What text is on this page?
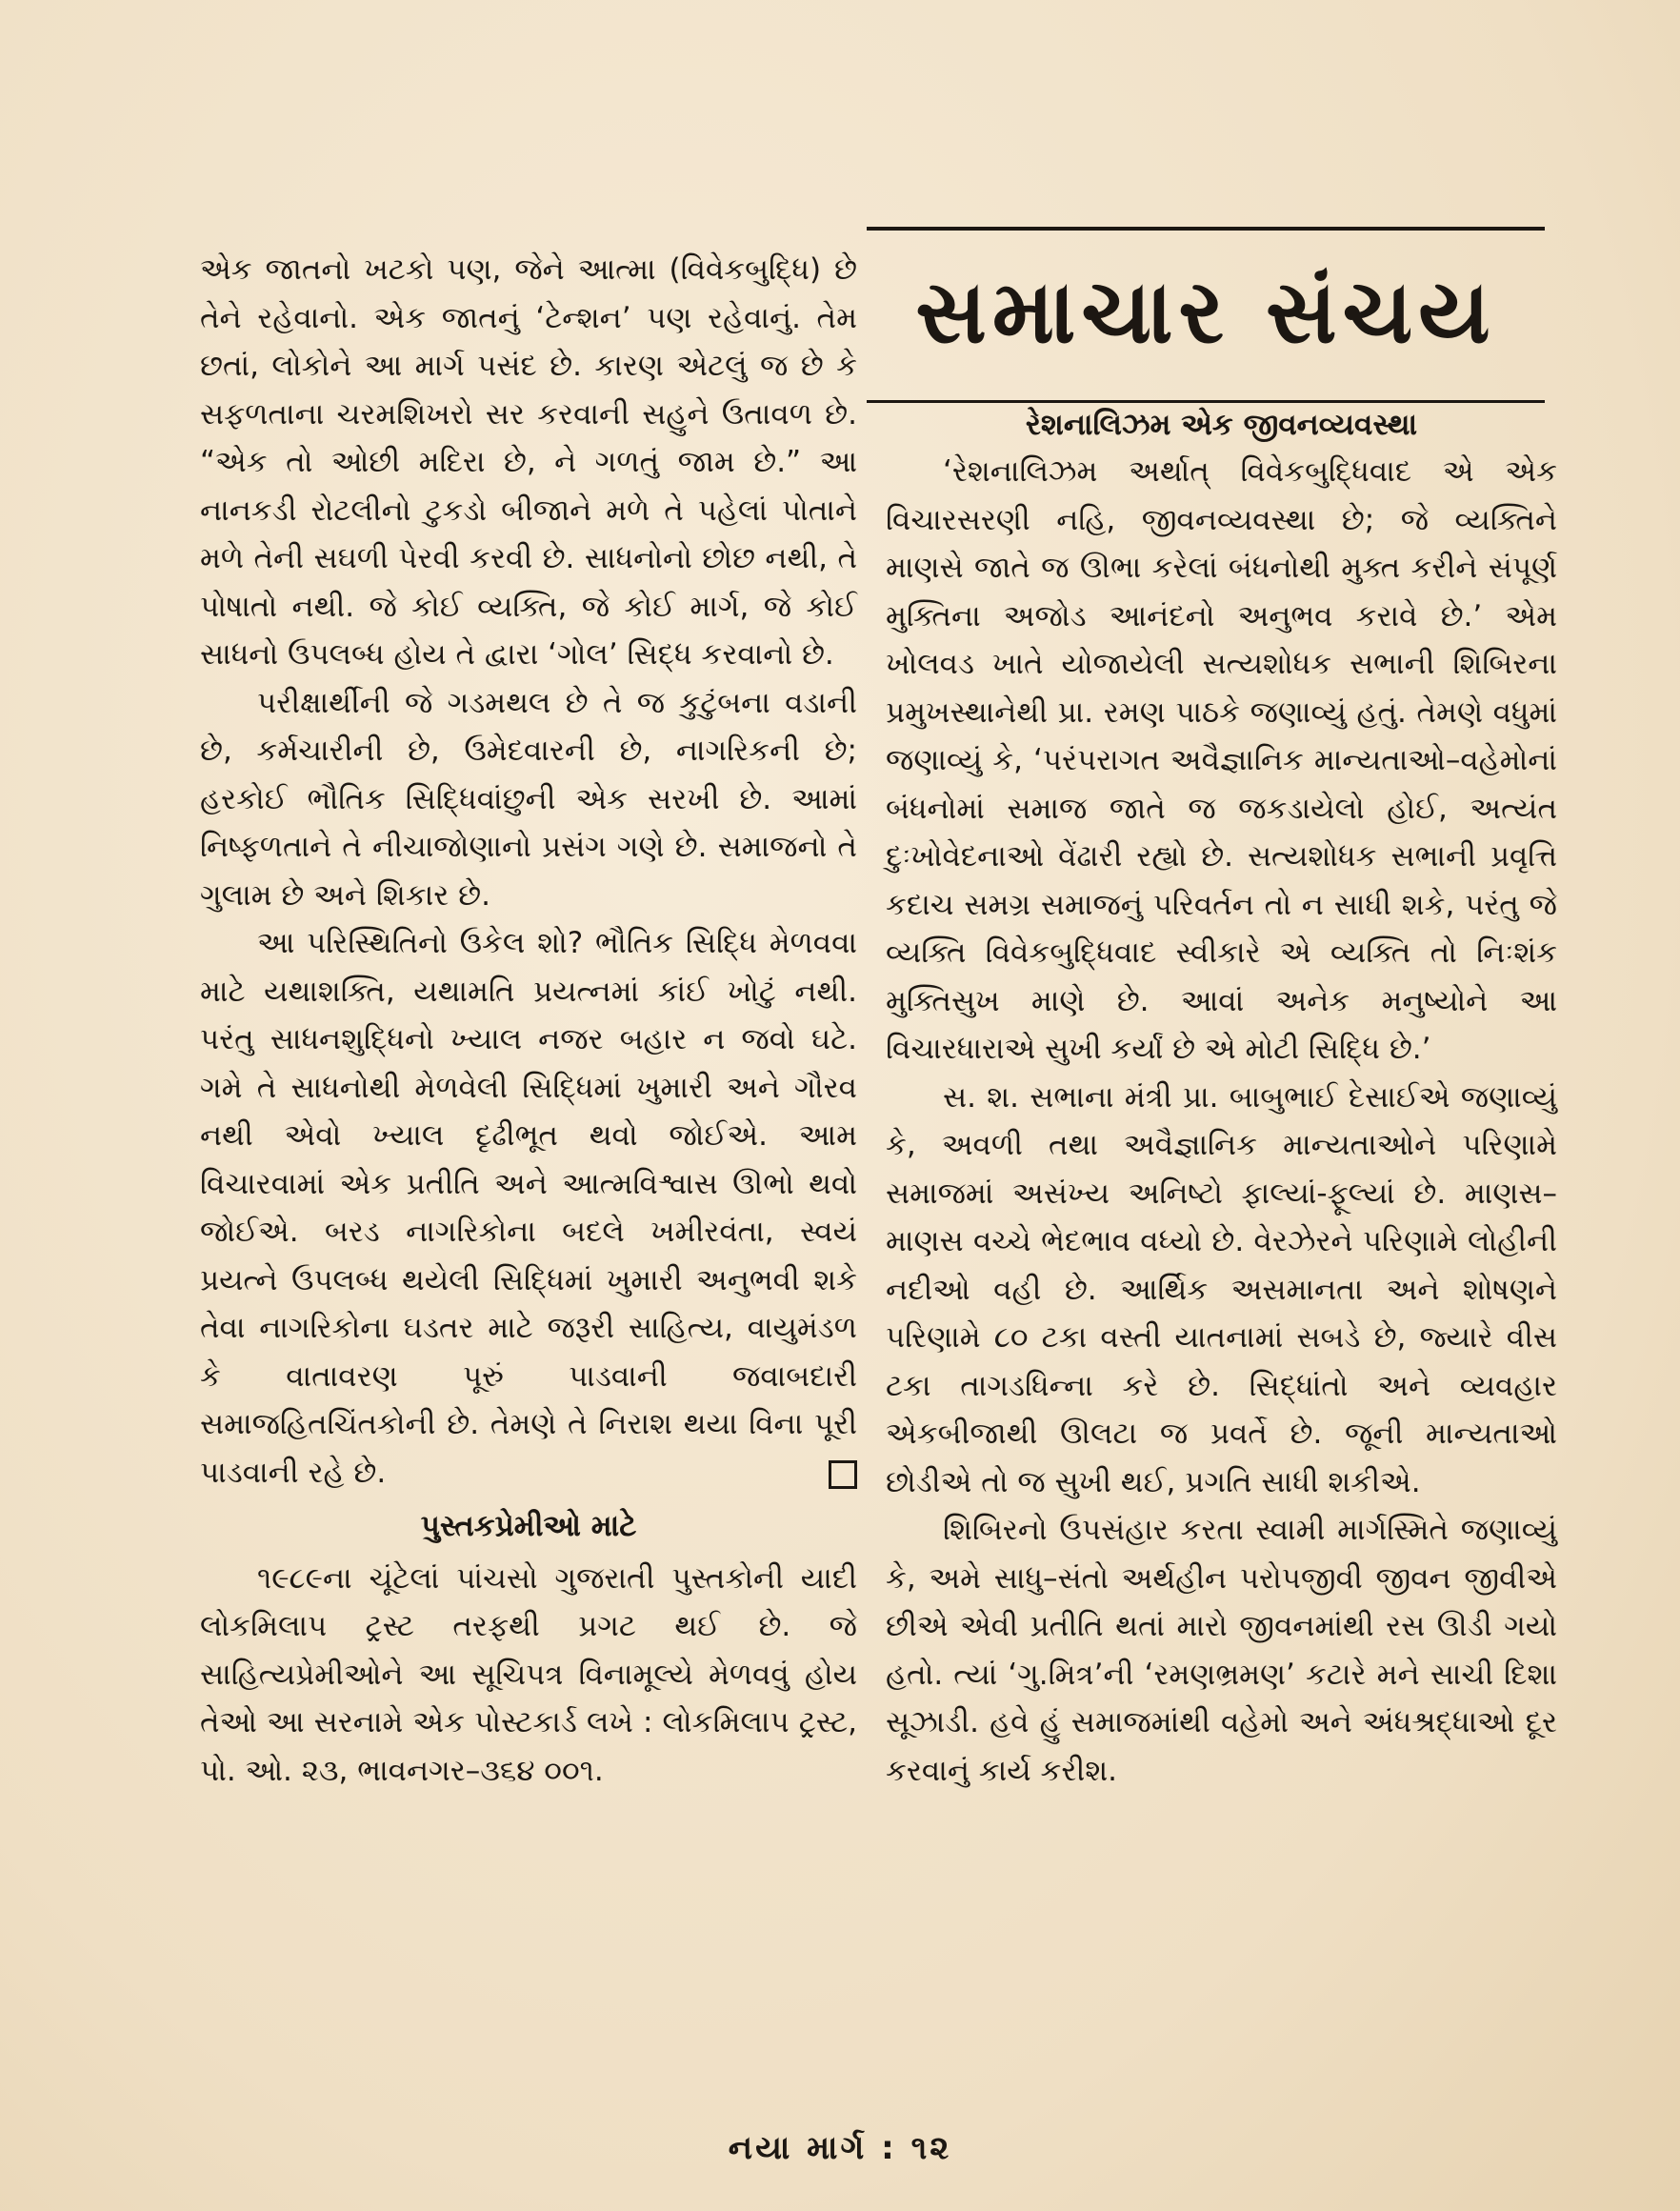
સમાચાર સંચય

એક જાતનો ખટકો પણ, જેને આત્મા (વિવેકબુદ્ધિ) છે તેને રહેવાનો. એક જાતનું ‘ટેન્શન’ પણ રહેવાનું. તેમ છતાં, લોકોને આ માર્ગ પસંદ છે. કારણ એટલું જ છે કે સફળતાના ચરમશિખરો સર કરવાની સહુને ઉતાવળ છે. “એક તો ઓછી મદિરા છે, ને ગળતું જામ છે.” આ નાનકડી રોટલીનો ટુકડો બીજાને મળે તે પહેલાં પોતાને મળે તેની સઘળી પેરવી કરવી છે. સાધનોનો છોછ નથી, તે પોષાતો નથી. જે કોઈ વ્યક્તિ, જે કોઈ માર્ગ, જે કોઈ સાધનો ઉપલબ્ધ હોય તે દ્વારા ‘ગોલ’ સિદ્ધ કરવાનો છે.

પરીક્ષાર્થીની જે ગડમથલ છે તે જ કુટુંબના વડાની છે, કર્મચારીની છે, ઉમેદવારની છે, નાગરિકની છે; હરકોઈ ભૌતિક સિદ્ધિવાંછુની એક સરખી છે. આમાં નિષ્ફળતાને તે નીચાજોણાનો પ્રસંગ ગણે છે. સમાજનો તે ગુલામ છે અને શિકાર છે.

આ પરિસ્થિતિનો ઉકેલ શો? ભૌતિક સિદ્ધિ મેળવવા માટે યથાશક્તિ, યથામતિ પ્રયત્નમાં કાંઈ ખોટું નથી. પરંતુ સાધનશુદ્ધિનો ખ્યાલ નજર બહાર ન જવો ઘટે. ગમે તે સાધનોથી મેળવેલી સિદ્ધિમાં ખુમારી અને ગૌરવ નથી એવો ખ્યાલ દૃઢીભૂત થવો જોઈએ. આમ વિચારવામાં એક પ્રતીતિ અને આત્મવિશ્વાસ ઊભો થવો જોઈએ. બરડ નાગરિકોના બદલે ખમીરવંતા, સ્વયં પ્રયત્ને ઉપલબ્ધ થયેલી સિદ્ધિમાં ખુમારી અનુભવી શકે તેવા નાગરિકોના ઘડતર માટે જરૂરી સાહિત્ય, વાયુમંડળ કે વાતાવરણ પૂરું પાડવાની જવાબદારી સમાજહિતચિંતકોની છે. તેમણે તે નિરાશ થયા વિના પૂરી પાડવાની રહે છે.

પુસ્તકપ્રેમીઓ માટે

૧૯૮૯ના ચૂંટેલાં પાંચસો ગુજરાતી પુસ્તકોની યાદી લોકમિલાપ ટ્રસ્ટ તરફથી પ્રગટ થઈ છે. જે સાહિત્યપ્રેમીઓને આ સૂચિપત્ર વિનામૂલ્યે મેળવવું હોય તેઓ આ સરનામે એક પોસ્ટકાર્ડ લખે : લોકમિલાપ ટ્રસ્ટ, પો. ઓ. ૨૩, ભાવનગર–૩૬૪ ૦૦૧.

રેશનાલિઝમ એક જીવનવ્યવસ્થા

‘રેશનાલિઝમ અર્થાત્ વિવેકબુદ્ધિવાદ એ એક વિચારસરણી નહિ, જીવનવ્યવસ્થા છે; જે વ્યક્તિને માણસે જાતે જ ઊભા કરેલાં બંધનોથી મુક્ત કરીને સંપૂર્ણ મુક્તિના અજોડ આનંદનો અનુભવ કરાવે છે.’ એમ ખોલવડ ખાતે યોજાયેલી સત્યશોધક સભાની શિબિરના પ્રમુખસ્થાનેથી પ્રા. રમણ પાઠકે જણાવ્યું હતું. તેમણે વધુમાં જણાવ્યું કે, ‘પરંપરાગત અવૈજ્ઞાનિક માન્યતાઓ–વહેમોનાં બંધનોમાં સમાજ જાતે જ જકડાયેલો હોઈ, અત્યંત દુઃખોવેદનાઓ વેંઢારી રહ્યો છે. સત્યશોધક સભાની પ્રવૃત્તિ કદાચ સમગ્ર સમાજનું પરિવર્તન તો ન સાધી શકે, પરંતુ જે વ્યક્તિ વિવેકબુદ્ધિવાદ સ્વીકારે એ વ્યક્તિ તો નિઃશંક મુક્તિસુખ માણે છે. આવાં અનેક મનુષ્યોને આ વિચારધારાએ સુખી કર્યાં છે એ મોટી સિદ્ધિ છે.’

સ. શ. સભાના મંત્રી પ્રા. બાબુભાઈ દેસાઈએ જણાવ્યું કે, અવળી તથા અવૈજ્ઞાનિક માન્યતાઓને પરિણામે સમાજમાં અસંખ્ય અનિષ્ટો ફાલ્યાં-ફૂલ્યાં છે. માણસ–માણસ વચ્ચે ભેદભાવ વધ્યો છે. વેરઝેરને પરિણામે લોહીની નદીઓ વહી છે. આર્થિક અસમાનતા અને શોષણને પરિણામે ૮૦ ટકા વસ્તી યાતનામાં સબડે છે, જ્યારે વીસ ટકા તાગડધિન્ના કરે છે. સિદ્ધાંતો અને વ્યવહાર એકબીજાથી ઊલટા જ પ્રવર્તે છે. જૂની માન્યતાઓ છોડીએ તો જ સુખી થઈ, પ્રગતિ સાધી શકીએ.

શિબિરનો ઉપસંહાર કરતા સ્વામી માર્ગસ્મિતે જણાવ્યું કે, અમે સાધુ–સંતો અર્થહીન પરોપજીવી જીવન જીવીએ છીએ એવી પ્રતીતિ થતાં મારો જીવનમાંથી રસ ઊડી ગયો હતો. ત્યાં ‘ગુ.મિત્ર’ની ‘રમણભ્રમણ’ કટારે મને સાચી દિશા સૂઝાડી. હવે હું સમાજમાંથી વહેમો અને અંધશ્રદ્ધાઓ દૂર કરવાનું કાર્ય કરીશ.

નયા માર્ગ : ૧૨
